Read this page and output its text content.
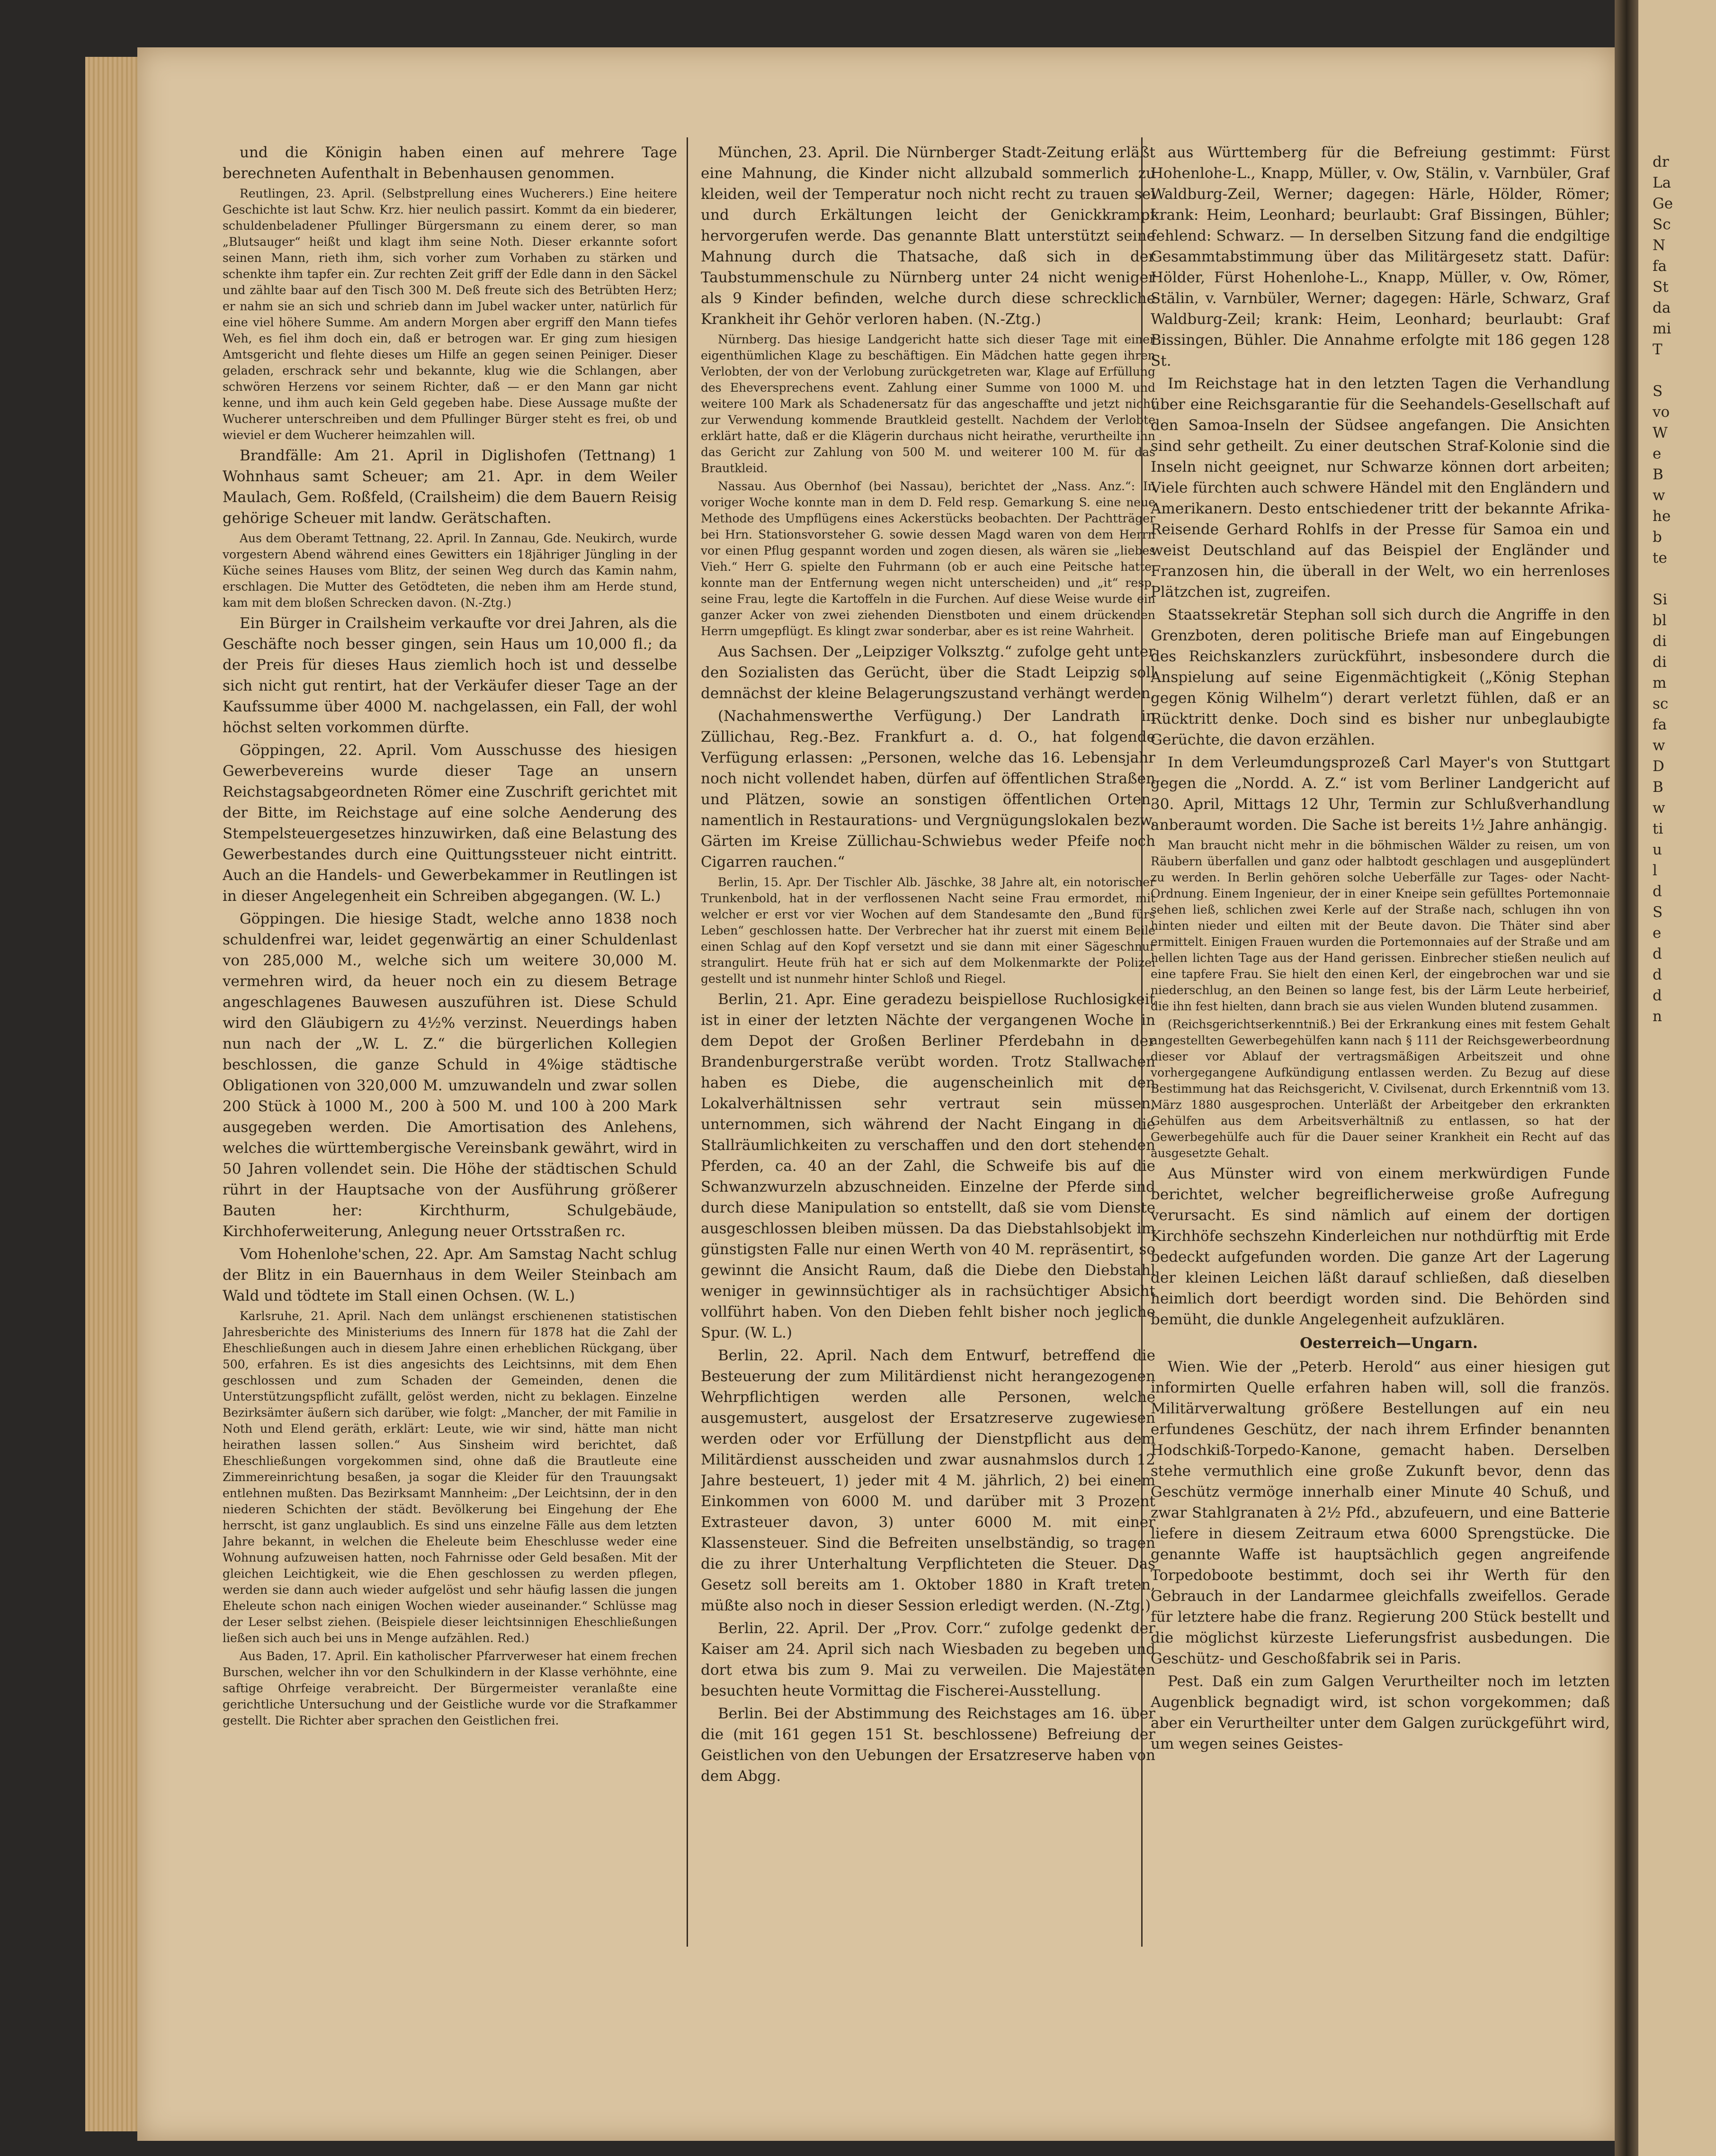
und die Königin haben einen auf mehrere Tage berechneten Aufenthalt in Bebenhausen genommen.

Reutlingen, 23. April. (Selbstprellung eines Wucherers.) Eine heitere Geschichte ist laut Schw. Krz. hier neulich passirt. Kommt da ein biederer, schuldenbeladener Pfullinger Bürgersmann zu einem derer, so man „Blutsauger“ heißt und klagt ihm seine Noth. Dieser erkannte sofort seinen Mann, rieth ihm, sich vorher zum Vorhaben zu stärken und schenkte ihm tapfer ein. Zur rechten Zeit griff der Edle dann in den Säckel und zählte baar auf den Tisch 300 M. Deß freute sich des Betrübten Herz; er nahm sie an sich und schrieb dann im Jubel wacker unter, natürlich für eine viel höhere Summe. Am andern Morgen aber ergriff den Mann tiefes Weh, es fiel ihm doch ein, daß er betrogen war. Er ging zum hiesigen Amtsgericht und flehte dieses um Hilfe an gegen seinen Peiniger. Dieser geladen, erschrack sehr und bekannte, klug wie die Schlangen, aber schwören Herzens vor seinem Richter, daß — er den Mann gar nicht kenne, und ihm auch kein Geld gegeben habe. Diese Aussage mußte der Wucherer unterschreiben und dem Pfullinger Bürger steht es frei, ob und wieviel er dem Wucherer heimzahlen will.

Brandfälle: Am 21. April in Diglishofen (Tettnang) 1 Wohnhaus samt Scheuer; am 21. Apr. in dem Weiler Maulach, Gem. Roßfeld, (Crailsheim) die dem Bauern Reisig gehörige Scheuer mit landw. Gerätschaften.

Aus dem Oberamt Tettnang, 22. April. In Zannau, Gde. Neukirch, wurde vorgestern Abend während eines Gewitters ein 18jähriger Jüngling in der Küche seines Hauses vom Blitz, der seinen Weg durch das Kamin nahm, erschlagen. Die Mutter des Getödteten, die neben ihm am Herde stund, kam mit dem bloßen Schrecken davon. (N.-Ztg.)

Ein Bürger in Crailsheim verkaufte vor drei Jahren, als die Geschäfte noch besser gingen, sein Haus um 10,000 fl.; da der Preis für dieses Haus ziemlich hoch ist und desselbe sich nicht gut rentirt, hat der Verkäufer dieser Tage an der Kaufssumme über 4000 M. nachgelassen, ein Fall, der wohl höchst selten vorkommen dürfte.

Göppingen, 22. April. Vom Ausschusse des hiesigen Gewerbevereins wurde dieser Tage an unsern Reichstagsabgeordneten Römer eine Zuschrift gerichtet mit der Bitte, im Reichstage auf eine solche Aenderung des Stempelsteuergesetzes hinzuwirken, daß eine Belastung des Gewerbestandes durch eine Quittungssteuer nicht eintritt. Auch an die Handels- und Gewerbekammer in Reutlingen ist in dieser Angelegenheit ein Schreiben abgegangen. (W. L.)

Göppingen. Die hiesige Stadt, welche anno 1838 noch schuldenfrei war, leidet gegenwärtig an einer Schuldenlast von 285,000 M., welche sich um weitere 30,000 M. vermehren wird, da heuer noch ein zu diesem Betrage angeschlagenes Bauwesen auszuführen ist. Diese Schuld wird den Gläubigern zu 4½% verzinst. Neuerdings haben nun nach der „W. L. Z.“ die bürgerlichen Kollegien beschlossen, die ganze Schuld in 4%ige städtische Obligationen von 320,000 M. umzuwandeln und zwar sollen 200 Stück à 1000 M., 200 à 500 M. und 100 à 200 Mark ausgegeben werden. Die Amortisation des Anlehens, welches die württembergische Vereinsbank gewährt, wird in 50 Jahren vollendet sein. Die Höhe der städtischen Schuld rührt in der Hauptsache von der Ausführung größerer Bauten her: Kirchthurm, Schulgebäude, Kirchhoferweiterung, Anlegung neuer Ortsstraßen rc.

Vom Hohenlohe'schen, 22. Apr. Am Samstag Nacht schlug der Blitz in ein Bauernhaus in dem Weiler Steinbach am Wald und tödtete im Stall einen Ochsen. (W. L.)

Karlsruhe, 21. April. Nach dem unlängst erschienenen statistischen Jahresberichte des Ministeriums des Innern für 1878 hat die Zahl der Eheschließungen auch in diesem Jahre einen erheblichen Rückgang, über 500, erfahren. Es ist dies angesichts des Leichtsinns, mit dem Ehen geschlossen und zum Schaden der Gemeinden, denen die Unterstützungspflicht zufällt, gelöst werden, nicht zu beklagen. Einzelne Bezirksämter äußern sich darüber, wie folgt: „Mancher, der mit Familie in Noth und Elend geräth, erklärt: Leute, wie wir sind, hätte man nicht heirathen lassen sollen.“ Aus Sinsheim wird berichtet, daß Eheschließungen vorgekommen sind, ohne daß die Brautleute eine Zimmereinrichtung besaßen, ja sogar die Kleider für den Trauungsakt entlehnen mußten. Das Bezirksamt Mannheim: „Der Leichtsinn, der in den niederen Schichten der städt. Bevölkerung bei Eingehung der Ehe herrscht, ist ganz unglaublich. Es sind uns einzelne Fälle aus dem letzten Jahre bekannt, in welchen die Eheleute beim Eheschlusse weder eine Wohnung aufzuweisen hatten, noch Fahrnisse oder Geld besaßen. Mit der gleichen Leichtigkeit, wie die Ehen geschlossen zu werden pflegen, werden sie dann auch wieder aufgelöst und sehr häufig lassen die jungen Eheleute schon nach einigen Wochen wieder auseinander.“ Schlüsse mag der Leser selbst ziehen. (Beispiele dieser leichtsinnigen Eheschließungen ließen sich auch bei uns in Menge aufzählen. Red.)

Aus Baden, 17. April. Ein katholischer Pfarrverweser hat einem frechen Burschen, welcher ihn vor den Schulkindern in der Klasse verhöhnte, eine saftige Ohrfeige verabreicht. Der Bürgermeister veranlaßte eine gerichtliche Untersuchung und der Geistliche wurde vor die Strafkammer gestellt. Die Richter aber sprachen den Geistlichen frei.

München, 23. April. Die Nürnberger Stadt-Zeitung erläßt eine Mahnung, die Kinder nicht allzubald sommerlich zu kleiden, weil der Temperatur noch nicht recht zu trauen sei und durch Erkältungen leicht der Genickkrampf hervorgerufen werde. Das genannte Blatt unterstützt seine Mahnung durch die Thatsache, daß sich in der Taubstummenschule zu Nürnberg unter 24 nicht weniger als 9 Kinder befinden, welche durch diese schreckliche Krankheit ihr Gehör verloren haben. (N.-Ztg.)

Nürnberg. Das hiesige Landgericht hatte sich dieser Tage mit einer eigenthümlichen Klage zu beschäftigen. Ein Mädchen hatte gegen ihren Verlobten, der von der Verlobung zurückgetreten war, Klage auf Erfüllung des Eheversprechens event. Zahlung einer Summe von 1000 M. und weitere 100 Mark als Schadenersatz für das angeschaffte und jetzt nicht zur Verwendung kommende Brautkleid gestellt. Nachdem der Verlobte erklärt hatte, daß er die Klägerin durchaus nicht heirathe, verurtheilte ihn das Gericht zur Zahlung von 500 M. und weiterer 100 M. für das Brautkleid.

Nassau. Aus Obernhof (bei Nassau), berichtet der „Nass. Anz.“: In voriger Woche konnte man in dem D. Feld resp. Gemarkung S. eine neue Methode des Umpflügens eines Ackerstücks beobachten. Der Pachtträger bei Hrn. Stationsvorsteher G. sowie dessen Magd waren von dem Herrn vor einen Pflug gespannt worden und zogen diesen, als wären sie „liebes Vieh.“ Herr G. spielte den Fuhrmann (ob er auch eine Peitsche hatte, konnte man der Entfernung wegen nicht unterscheiden) und „it“ resp. seine Frau, legte die Kartoffeln in die Furchen. Auf diese Weise wurde ein ganzer Acker von zwei ziehenden Dienstboten und einem drückenden Herrn umgepflügt. Es klingt zwar sonderbar, aber es ist reine Wahrheit.

Aus Sachsen. Der „Leipziger Volksztg.“ zufolge geht unter den Sozialisten das Gerücht, über die Stadt Leipzig soll demnächst der kleine Belagerungszustand verhängt werden.

(Nachahmenswerthe Verfügung.) Der Landrath in Züllichau, Reg.-Bez. Frankfurt a. d. O., hat folgende Verfügung erlassen: „Personen, welche das 16. Lebensjahr noch nicht vollendet haben, dürfen auf öffentlichen Straßen und Plätzen, sowie an sonstigen öffentlichen Orten, namentlich in Restaurations- und Vergnügungslokalen bezw. Gärten im Kreise Züllichau-Schwiebus weder Pfeife noch Cigarren rauchen.“

Berlin, 15. Apr. Der Tischler Alb. Jäschke, 38 Jahre alt, ein notorischer Trunkenbold, hat in der verflossenen Nacht seine Frau ermordet, mit welcher er erst vor vier Wochen auf dem Standesamte den „Bund fürs Leben“ geschlossen hatte. Der Verbrecher hat ihr zuerst mit einem Beile einen Schlag auf den Kopf versetzt und sie dann mit einer Sägeschnur strangulirt. Heute früh hat er sich auf dem Molkenmarkte der Polizei gestellt und ist nunmehr hinter Schloß und Riegel.

Berlin, 21. Apr. Eine geradezu beispiellose Ruchlosigkeit ist in einer der letzten Nächte der vergangenen Woche in dem Depot der Großen Berliner Pferdebahn in der Brandenburgerstraße verübt worden. Trotz Stallwachen haben es Diebe, die augenscheinlich mit den Lokalverhältnissen sehr vertraut sein müssen, unternommen, sich während der Nacht Eingang in die Stallräumlichkeiten zu verschaffen und den dort stehenden Pferden, ca. 40 an der Zahl, die Schweife bis auf die Schwanzwurzeln abzuschneiden. Einzelne der Pferde sind durch diese Manipulation so entstellt, daß sie vom Dienste ausgeschlossen bleiben müssen. Da das Diebstahlsobjekt im günstigsten Falle nur einen Werth von 40 M. repräsentirt, so gewinnt die Ansicht Raum, daß die Diebe den Diebstahl weniger in gewinnsüchtiger als in rachsüchtiger Absicht vollführt haben. Von den Dieben fehlt bisher noch jegliche Spur. (W. L.)

Berlin, 22. April. Nach dem Entwurf, betreffend die Besteuerung der zum Militärdienst nicht herangezogenen Wehrpflichtigen werden alle Personen, welche ausgemustert, ausgelost der Ersatzreserve zugewiesen werden oder vor Erfüllung der Dienstpflicht aus dem Militärdienst ausscheiden und zwar ausnahmslos durch 12 Jahre besteuert, 1) jeder mit 4 M. jährlich, 2) bei einem Einkommen von 6000 M. und darüber mit 3 Prozent Extrasteuer davon, 3) unter 6000 M. mit einer Klassensteuer. Sind die Befreiten unselbständig, so tragen die zu ihrer Unterhaltung Verpflichteten die Steuer. Das Gesetz soll bereits am 1. Oktober 1880 in Kraft treten, müßte also noch in dieser Session erledigt werden. (N.-Ztg.)

Berlin, 22. April. Der „Prov. Corr.“ zufolge gedenkt der Kaiser am 24. April sich nach Wiesbaden zu begeben und dort etwa bis zum 9. Mai zu verweilen. Die Majestäten besuchten heute Vormittag die Fischerei-Ausstellung.

Berlin. Bei der Abstimmung des Reichstages am 16. über die (mit 161 gegen 151 St. beschlossene) Befreiung der Geistlichen von den Uebungen der Ersatzreserve haben von dem Abgg.

aus Württemberg für die Befreiung gestimmt: Fürst Hohenlohe-L., Knapp, Müller, v. Ow, Stälin, v. Varnbüler, Graf Waldburg-Zeil, Werner; dagegen: Härle, Hölder, Römer; krank: Heim, Leonhard; beurlaubt: Graf Bissingen, Bühler; fehlend: Schwarz. — In derselben Sitzung fand die endgiltige Gesammtabstimmung über das Militärgesetz statt. Dafür: Hölder, Fürst Hohenlohe-L., Knapp, Müller, v. Ow, Römer, Stälin, v. Varnbüler, Werner; dagegen: Härle, Schwarz, Graf Waldburg-Zeil; krank: Heim, Leonhard; beurlaubt: Graf Bissingen, Bühler. Die Annahme erfolgte mit 186 gegen 128 St.

Im Reichstage hat in den letzten Tagen die Verhandlung über eine Reichsgarantie für die Seehandels-Gesellschaft auf den Samoa-Inseln der Südsee angefangen. Die Ansichten sind sehr getheilt. Zu einer deutschen Straf-Kolonie sind die Inseln nicht geeignet, nur Schwarze können dort arbeiten; Viele fürchten auch schwere Händel mit den Engländern und Amerikanern. Desto entschiedener tritt der bekannte Afrika-Reisende Gerhard Rohlfs in der Presse für Samoa ein und weist Deutschland auf das Beispiel der Engländer und Franzosen hin, die überall in der Welt, wo ein herrenloses Plätzchen ist, zugreifen.

Staatssekretär Stephan soll sich durch die Angriffe in den Grenzboten, deren politische Briefe man auf Eingebungen des Reichskanzlers zurückführt, insbesondere durch die Anspielung auf seine Eigenmächtigkeit („König Stephan gegen König Wilhelm“) derart verletzt fühlen, daß er an Rücktritt denke. Doch sind es bisher nur unbeglaubigte Gerüchte, die davon erzählen.

In dem Verleumdungsprozeß Carl Mayer's von Stuttgart gegen die „Nordd. A. Z.“ ist vom Berliner Landgericht auf 30. April, Mittags 12 Uhr, Termin zur Schlußverhandlung anberaumt worden. Die Sache ist bereits 1½ Jahre anhängig.

Man braucht nicht mehr in die böhmischen Wälder zu reisen, um von Räubern überfallen und ganz oder halbtodt geschlagen und ausgeplündert zu werden. In Berlin gehören solche Ueberfälle zur Tages- oder Nacht-Ordnung. Einem Ingenieur, der in einer Kneipe sein gefülltes Portemonnaie sehen ließ, schlichen zwei Kerle auf der Straße nach, schlugen ihn von hinten nieder und eilten mit der Beute davon. Die Thäter sind aber ermittelt. Einigen Frauen wurden die Portemonnaies auf der Straße und am hellen lichten Tage aus der Hand gerissen. Einbrecher stießen neulich auf eine tapfere Frau. Sie hielt den einen Kerl, der eingebrochen war und sie niederschlug, an den Beinen so lange fest, bis der Lärm Leute herbeirief, die ihn fest hielten, dann brach sie aus vielen Wunden blutend zusammen.

(Reichsgerichtserkenntniß.) Bei der Erkrankung eines mit festem Gehalt angestellten Gewerbegehülfen kann nach § 111 der Reichsgewerbeordnung dieser vor Ablauf der vertragsmäßigen Arbeitszeit und ohne vorhergegangene Aufkündigung entlassen werden. Zu Bezug auf diese Bestimmung hat das Reichsgericht, V. Civilsenat, durch Erkenntniß vom 13. März 1880 ausgesprochen. Unterläßt der Arbeitgeber den erkrankten Gehülfen aus dem Arbeitsverhältniß zu entlassen, so hat der Gewerbegehülfe auch für die Dauer seiner Krankheit ein Recht auf das ausgesetzte Gehalt.

Aus Münster wird von einem merkwürdigen Funde berichtet, welcher begreiflicherweise große Aufregung verursacht. Es sind nämlich auf einem der dortigen Kirchhöfe sechszehn Kinderleichen nur nothdürftig mit Erde bedeckt aufgefunden worden. Die ganze Art der Lagerung der kleinen Leichen läßt darauf schließen, daß dieselben heimlich dort beerdigt worden sind. Die Behörden sind bemüht, die dunkle Angelegenheit aufzuklären.

Oesterreich—Ungarn.

Wien. Wie der „Peterb. Herold“ aus einer hiesigen gut informirten Quelle erfahren haben will, soll die französ. Militärverwaltung größere Bestellungen auf ein neu erfundenes Geschütz, der nach ihrem Erfinder benannten Hodschkiß-Torpedo-Kanone, gemacht haben. Derselben stehe vermuthlich eine große Zukunft bevor, denn das Geschütz vermöge innerhalb einer Minute 40 Schuß, und zwar Stahlgranaten à 2½ Pfd., abzufeuern, und eine Batterie liefere in diesem Zeitraum etwa 6000 Sprengstücke. Die genannte Waffe ist hauptsächlich gegen angreifende Torpedoboote bestimmt, doch sei ihr Werth für den Gebrauch in der Landarmee gleichfalls zweifellos. Gerade für letztere habe die franz. Regierung 200 Stück bestellt und die möglichst kürzeste Lieferungsfrist ausbedungen. Die Geschütz- und Geschoßfabrik sei in Paris.

Pest. Daß ein zum Galgen Verurtheilter noch im letzten Augenblick begnadigt wird, ist schon vorgekommen; daß aber ein Verurtheilter unter dem Galgen zurückgeführt wird, um wegen seines Geistes-

dr
La
Ge
Sc
N
fa
St
da
mi
T

S
vo
W
e
B
w
he
b
te

Si
bl
di
di
m
sc
fa
w
D
B
w
ti
u
l
d
S
e
d
d
d
n
